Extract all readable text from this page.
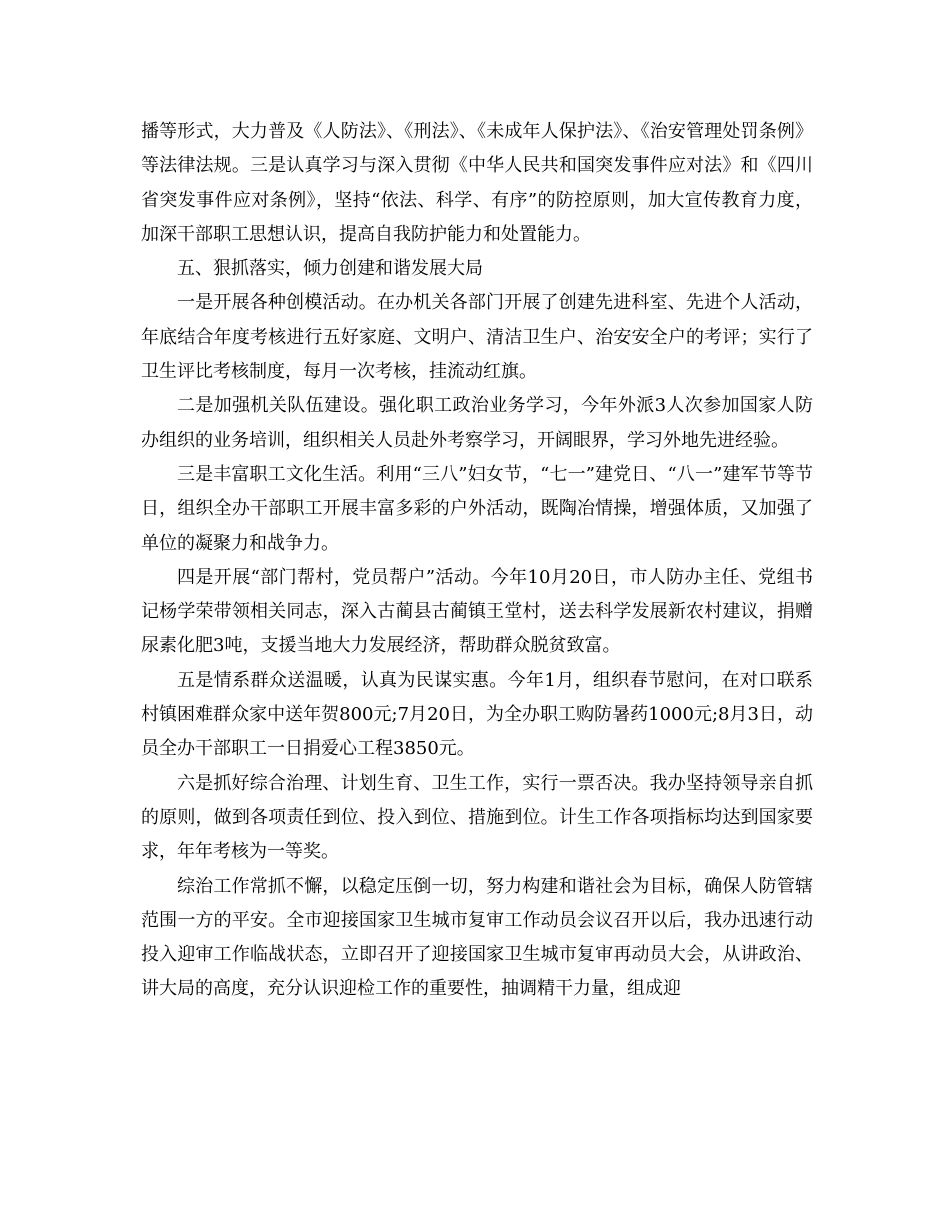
播等形式，大力普及《人防法》、《刑法》、《未成年人保护法》、《治安管理处罚条例》等法律法规。三是认真学习与深入贯彻《中华人民共和国突发事件应对法》和《四川省突发事件应对条例》，坚持“依法、科学、有序”的防控原则，加大宣传教育力度，加深干部职工思想认识，提高自我防护能力和处置能力。

五、狠抓落实，倾力创建和谐发展大局

一是开展各种创模活动。在办机关各部门开展了创建先进科室、先进个人活动，年底结合年度考核进行五好家庭、文明户、清洁卫生户、治安安全户的考评；实行了卫生评比考核制度，每月一次考核，挂流动红旗。

二是加强机关队伍建设。强化职工政治业务学习，今年外派3人次参加国家人防办组织的业务培训，组织相关人员赴外考察学习，开阔眼界，学习外地先进经验。

三是丰富职工文化生活。利用“三八”妇女节，“七一”建党日、“八一”建军节等节日，组织全办干部职工开展丰富多彩的户外活动，既陶冶情操，增强体质，又加强了单位的凝聚力和战争力。

四是开展“部门帮村，党员帮户”活动。今年10月20日，市人防办主任、党组书记杨学荣带领相关同志，深入古蔺县古蔺镇王堂村，送去科学发展新农村建议，捐赠尿素化肥3吨，支援当地大力发展经济，帮助群众脱贫致富。

五是情系群众送温暖，认真为民谋实惠。今年1月，组织春节慰问，在对口联系村镇困难群众家中送年贺800元;7月20日，为全办职工购防暑药1000元;8月3日，动员全办干部职工一日捐爱心工程3850元。

六是抓好综合治理、计划生育、卫生工作，实行一票否决。我办坚持领导亲自抓的原则，做到各项责任到位、投入到位、措施到位。计生工作各项指标均达到国家要求，年年考核为一等奖。

综治工作常抓不懈，以稳定压倒一切，努力构建和谐社会为目标，确保人防管辖范围一方的平安。全市迎接国家卫生城市复审工作动员会议召开以后，我办迅速行动投入迎审工作临战状态，立即召开了迎接国家卫生城市复审再动员大会，从讲政治、讲大局的高度，充分认识迎检工作的重要性，抽调精干力量，组成迎
